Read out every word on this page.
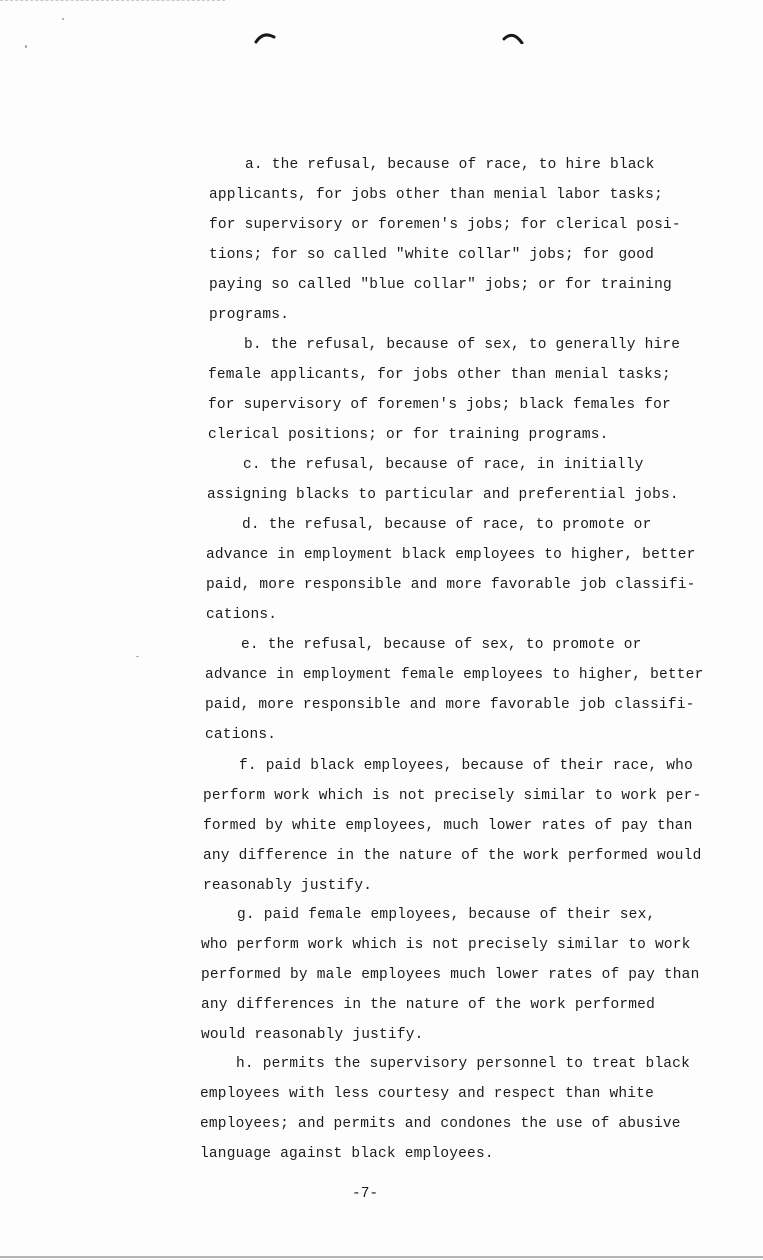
a. the refusal, because of race, to hire black
applicants, for jobs other than menial labor tasks;
for supervisory or foremen's jobs; for clerical posi-
tions; for so called "white collar" jobs; for good
paying so called "blue collar" jobs; or for training
programs.

b. the refusal, because of sex, to generally hire
female applicants, for jobs other than menial tasks;
for supervisory of foremen's jobs; black females for
clerical positions; or for training programs.

c. the refusal, because of race, in initially
assigning blacks to particular and preferential jobs.

d. the refusal, because of race, to promote or
advance in employment black employees to higher, better
paid, more responsible and more favorable job classifi-
cations.

e. the refusal, because of sex, to promote or
advance in employment female employees to higher, better
paid, more responsible and more favorable job classifi-
cations.

f. paid black employees, because of their race, who
perform work which is not precisely similar to work per-
formed by white employees, much lower rates of pay than
any difference in the nature of the work performed would
reasonably justify.

g. paid female employees, because of their sex,
who perform work which is not precisely similar to work
performed by male employees much lower rates of pay than
any differences in the nature of the work performed
would reasonably justify.

h. permits the supervisory personnel to treat black
employees with less courtesy and respect than white
employees; and permits and condones the use of abusive
language against black employees.

-7-
